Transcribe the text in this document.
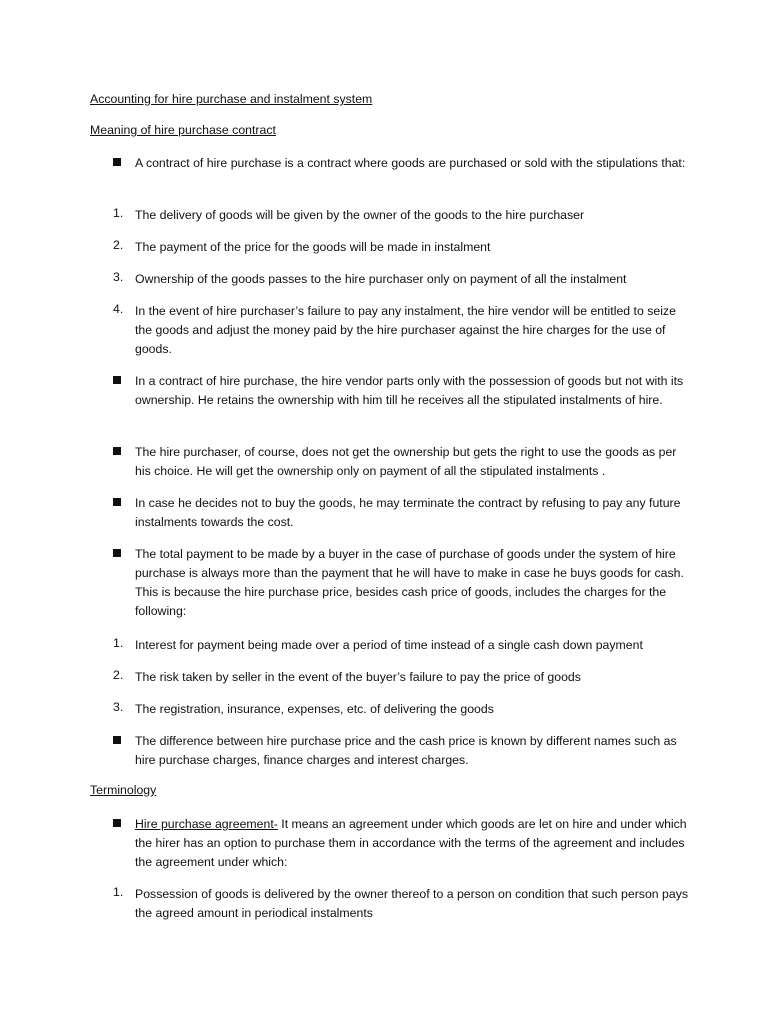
Accounting for hire purchase and instalment system
Meaning of hire purchase contract
A contract of hire purchase is a contract where goods are purchased or sold with the stipulations that:
1. The delivery of goods will be given by the owner of the goods to the hire purchaser
2. The payment of the price for the goods will be made in instalment
3. Ownership of the goods passes to the hire purchaser only on payment of all the instalment
4. In the event of hire purchaser’s failure to pay any instalment, the hire vendor will be entitled to seize the goods and adjust the money paid by the hire purchaser against the hire charges for the use of goods.
In a contract of hire purchase, the hire vendor parts only with the possession of goods but not with its ownership. He retains the ownership with him till he receives all the stipulated instalments of hire.
The hire purchaser, of course, does not get the ownership but gets the right to use the goods as per his choice. He will get the ownership only on payment of all the stipulated instalments .
In case he decides not to buy the goods, he may terminate the contract by refusing to pay any future instalments towards the cost.
The total payment to be made by a buyer in the case of purchase of goods under the system of hire purchase is always more than the payment that he will have to make in case he buys goods for cash. This is because the hire purchase price, besides cash price of goods, includes the charges for the following:
1. Interest for payment being made over a period of time instead of a single cash down payment
2. The risk taken by seller in the event of the buyer’s failure to pay the price of goods
3. The registration, insurance, expenses, etc. of delivering the goods
The difference between hire purchase price and the cash price is known by different names such as hire purchase charges, finance charges and interest charges.
Terminology
Hire purchase agreement- It means an agreement under which goods are let on hire and under which the hirer has an option to purchase them in accordance with the terms of the agreement and includes the agreement under which:
1. Possession of goods is delivered by the owner thereof to a person on condition that such person pays the agreed amount in periodical instalments
